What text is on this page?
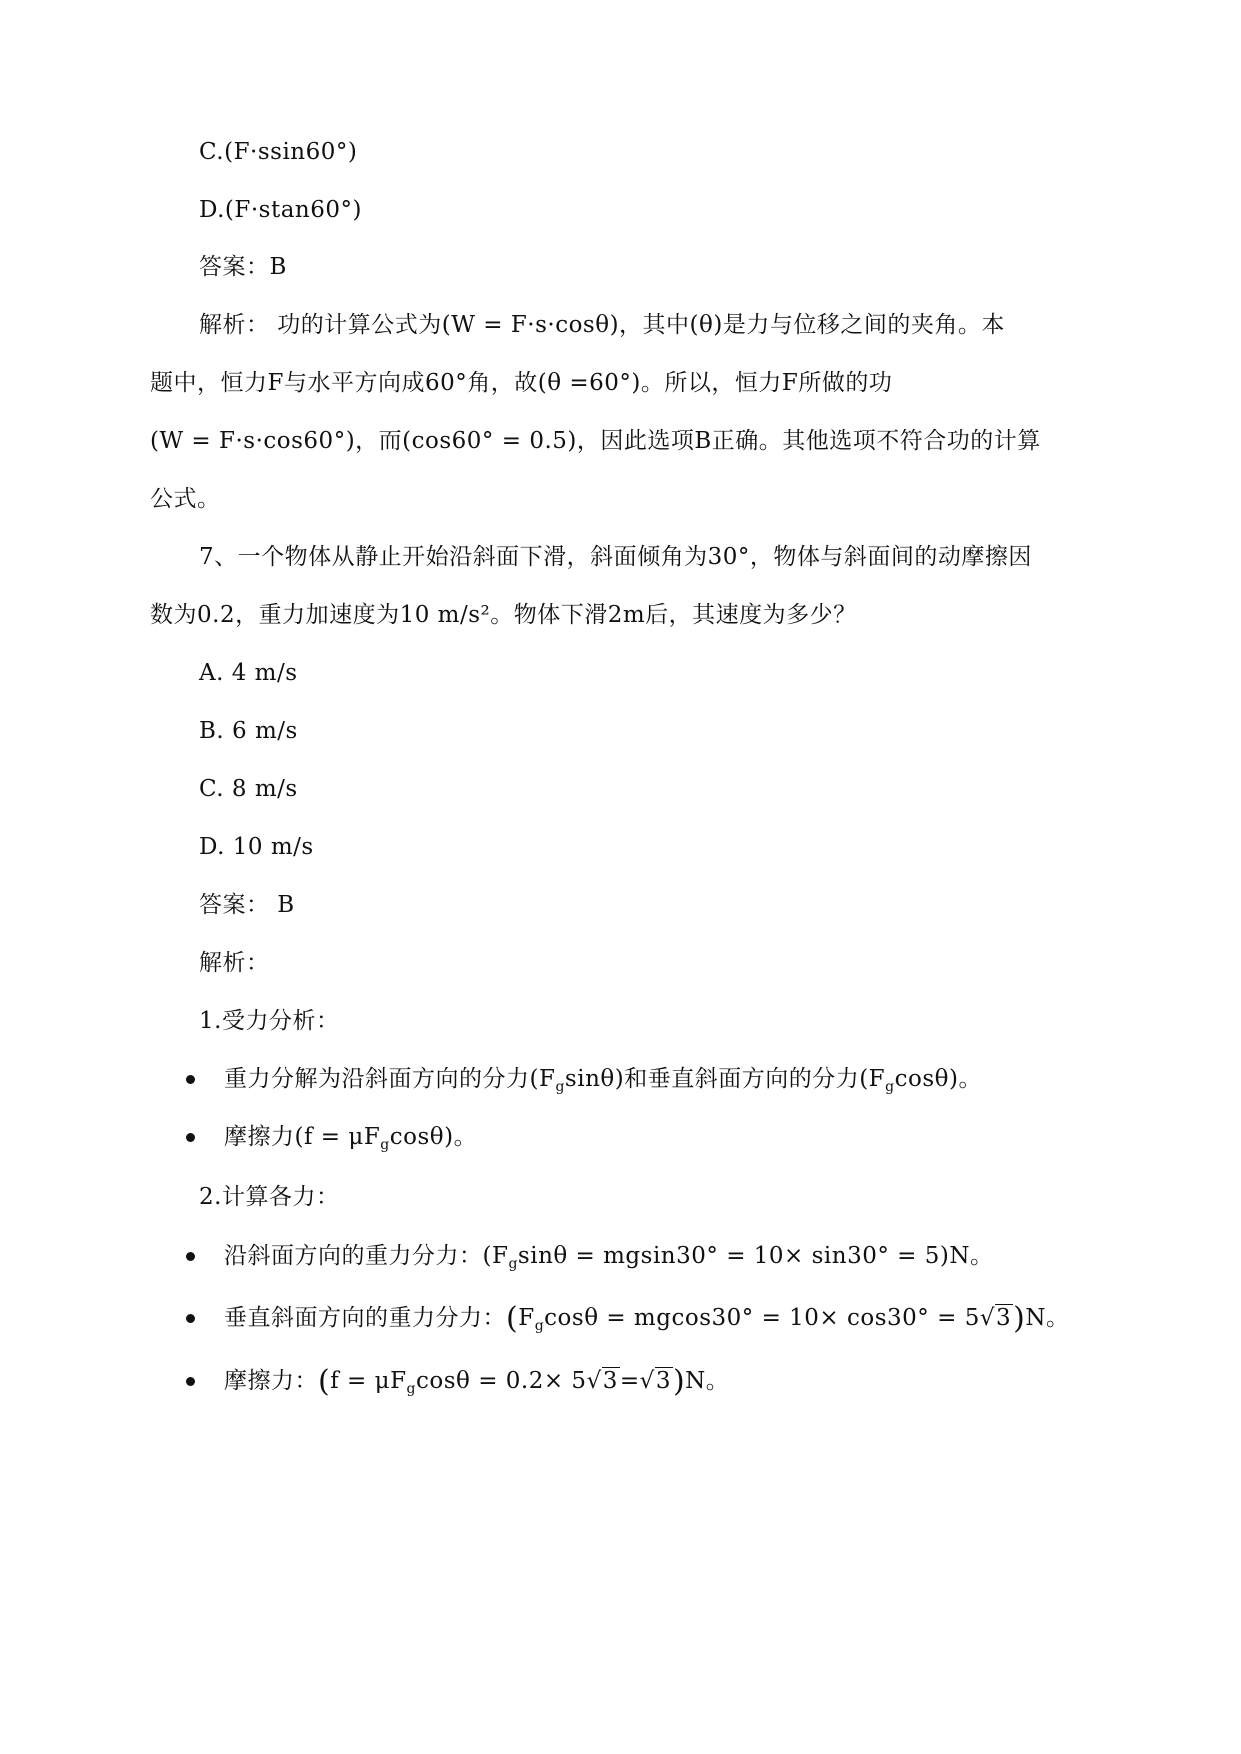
C.(F·ssin60°)
D.(F·stan60°)
答案：B
解析： 功的计算公式为(W = F·s·cosθ)，其中(θ)是力与位移之间的夹角。本
题中，恒力F与水平方向成60°角，故(θ =60°)。所以，恒力F所做的功
(W = F·s·cos60°)，而(cos60° = 0.5)，因此选项B正确。其他选项不符合功的计算
公式。
7、一个物体从静止开始沿斜面下滑，斜面倾角为30°，物体与斜面间的动摩擦因
数为0.2，重力加速度为10 m/s²。物体下滑2m后，其速度为多少？
A. 4 m/s
B. 6 m/s
C. 8 m/s
D. 10 m/s
答案： B
解析：
1.受力分析：
重力分解为沿斜面方向的分力$(F_g\sin\theta)$和垂直斜面方向的分力$(F_g\cos\theta)$。
摩擦力$(f = \mu F_g\cos\theta)$。
2.计算各力：
沿斜面方向的重力分力：$(F_g\sin\theta = mgsin30^\circ = 10\times \sin 30^\circ = 5)N$。
垂直斜面方向的重力分力：$(F_g\cos\theta = mgcos30^\circ = 10\times \cos 30^\circ = 5√3)N$。
摩擦力：$(f = \mu F_g\cos\theta = 0.2\times 5√3=√3)N$。
